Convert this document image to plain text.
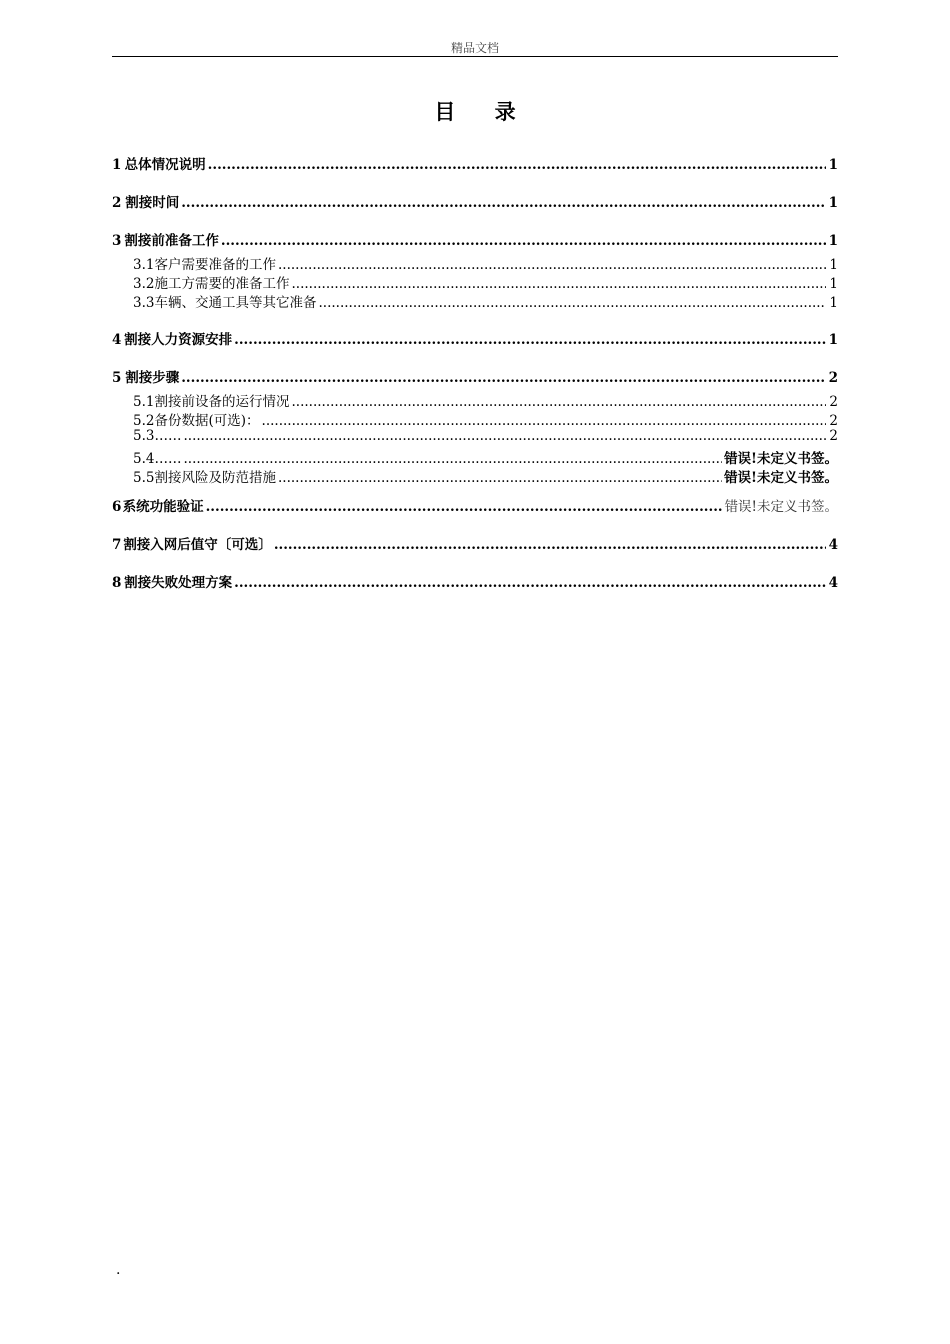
精品文档
目 录
1 总体情况说明 .....	1
2 割接时间 .....	1
3 割接前准备工作 .....	1
3.1 客户需要准备的工作 .....	1
3.2 施工方需要的准备工作 .....	1
3.3 车辆、交通工具等其它准备 .....	1
4 割接人力资源安排 .....	1
5 割接步骤 .....	2
5.1 割接前设备的运行情况 .....	2
5.2 备份数据(可选)： .....	2
5.3 …… .....	2
5.4 …… .....	错误!未定义书签。
5.5 割接风险及防范措施 .....	错误!未定义书签。
6 系统功能验证 .....	错误!未定义书签。
7 割接入网后值守〔可选〕 .....	4
8 割接失败处理方案 .....	4
.
